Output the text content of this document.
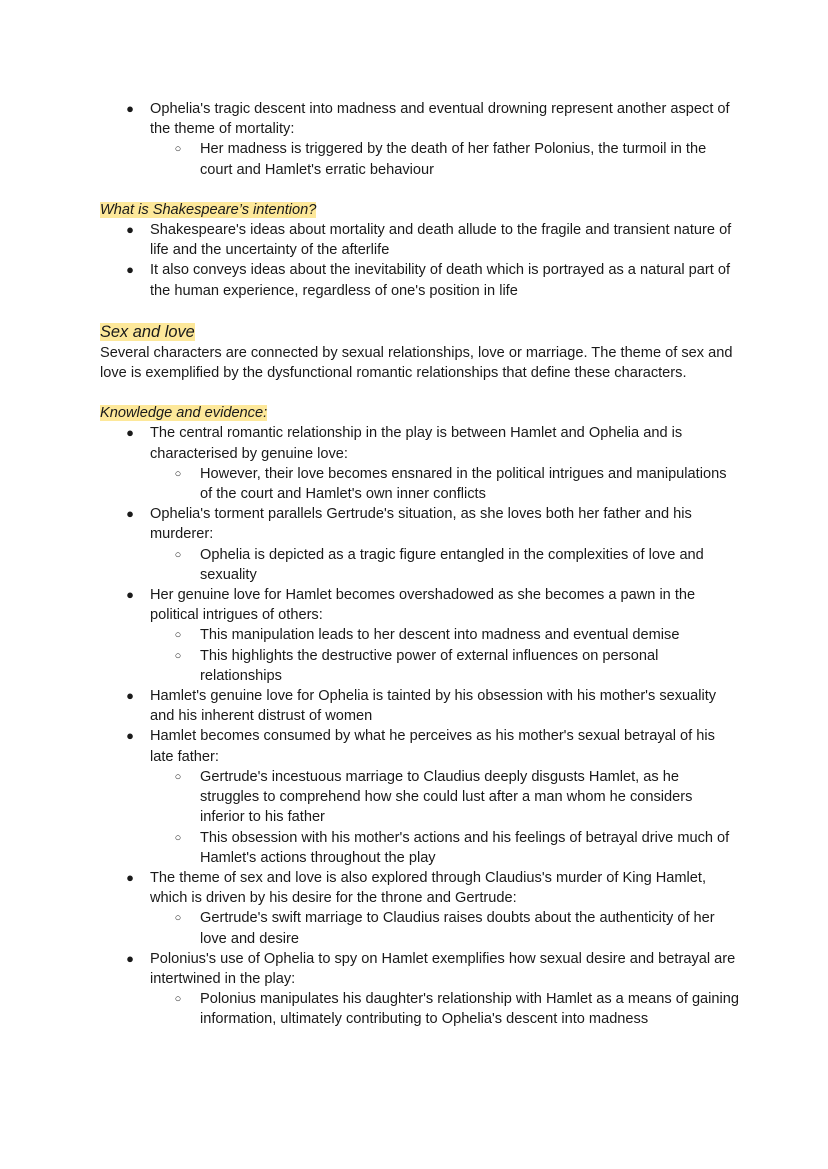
● Ophelia's tragic descent into madness and eventual drowning represent another aspect of the theme of mortality:
○ Her madness is triggered by the death of her father Polonius, the turmoil in the court and Hamlet's erratic behaviour

What is Shakespeare’s intention?

● Shakespeare's ideas about mortality and death allude to the fragile and transient nature of life and the uncertainty of the afterlife
● It also conveys ideas about the inevitability of death which is portrayed as a natural part of the human experience, regardless of one's position in life

Sex and love

Several characters are connected by sexual relationships, love or marriage. The theme of sex and love is exemplified by the dysfunctional romantic relationships that define these characters.

Knowledge and evidence:

● The central romantic relationship in the play is between Hamlet and Ophelia and is characterised by genuine love:
○ However, their love becomes ensnared in the political intrigues and manipulations of the court and Hamlet's own inner conflicts
● Ophelia's torment parallels Gertrude's situation, as she loves both her father and his murderer:
○ Ophelia is depicted as a tragic figure entangled in the complexities of love and sexuality
● Her genuine love for Hamlet becomes overshadowed as she becomes a pawn in the political intrigues of others:
○ This manipulation leads to her descent into madness and eventual demise
○ This highlights the destructive power of external influences on personal relationships
● Hamlet's genuine love for Ophelia is tainted by his obsession with his mother's sexuality and his inherent distrust of women
● Hamlet becomes consumed by what he perceives as his mother's sexual betrayal of his late father:
○ Gertrude's incestuous marriage to Claudius deeply disgusts Hamlet, as he struggles to comprehend how she could lust after a man whom he considers inferior to his father
○ This obsession with his mother's actions and his feelings of betrayal drive much of Hamlet's actions throughout the play
● The theme of sex and love is also explored through Claudius's murder of King Hamlet, which is driven by his desire for the throne and Gertrude:
○ Gertrude's swift marriage to Claudius raises doubts about the authenticity of her love and desire
● Polonius's use of Ophelia to spy on Hamlet exemplifies how sexual desire and betrayal are intertwined in the play:
○ Polonius manipulates his daughter's relationship with Hamlet as a means of gaining information, ultimately contributing to Ophelia's descent into madness
